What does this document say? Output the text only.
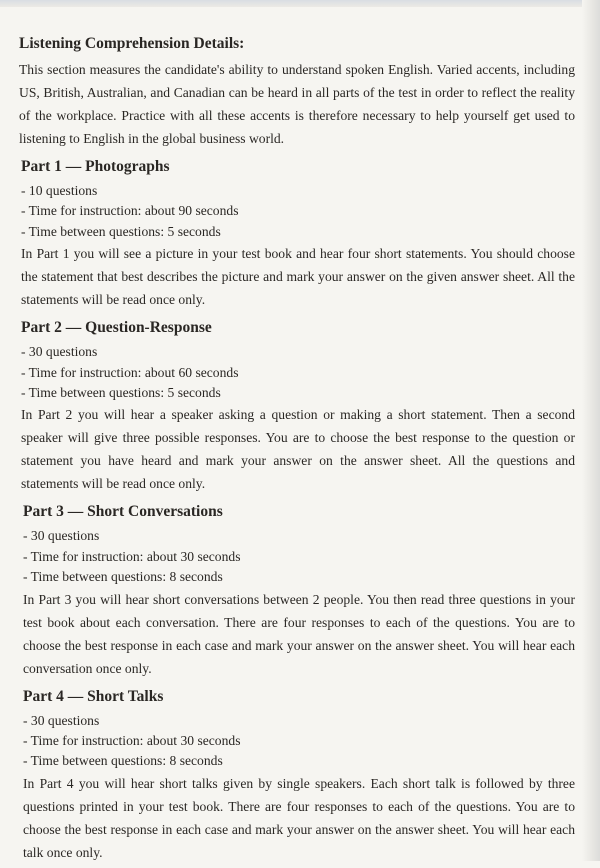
Listening Comprehension Details:

This section measures the candidate's ability to understand spoken English. Varied accents, including US, British, Australian, and Canadian can be heard in all parts of the test in order to reflect the reality of the workplace. Practice with all these accents is therefore necessary to help yourself get used to listening to English in the global business world.

Part 1 — Photographs
- 10 questions
- Time for instruction: about 90 seconds
- Time between questions: 5 seconds

In Part 1 you will see a picture in your test book and hear four short statements. You should choose the statement that best describes the picture and mark your answer on the given answer sheet. All the statements will be read once only.

Part 2 — Question-Response
- 30 questions
- Time for instruction: about 60 seconds
- Time between questions: 5 seconds

In Part 2 you will hear a speaker asking a question or making a short statement. Then a second speaker will give three possible responses. You are to choose the best response to the question or statement you have heard and mark your answer on the answer sheet. All the questions and statements will be read once only.

Part 3 — Short Conversations
- 30 questions
- Time for instruction: about 30 seconds
- Time between questions: 8 seconds

In Part 3 you will hear short conversations between 2 people. You then read three questions in your test book about each conversation. There are four responses to each of the questions. You are to choose the best response in each case and mark your answer on the answer sheet. You will hear each conversation once only.

Part 4 — Short Talks
- 30 questions
- Time for instruction: about 30 seconds
- Time between questions: 8 seconds

In Part 4 you will hear short talks given by single speakers. Each short talk is followed by three questions printed in your test book. There are four responses to each of the questions. You are to choose the best response in each case and mark your answer on the answer sheet. You will hear each talk once only.
